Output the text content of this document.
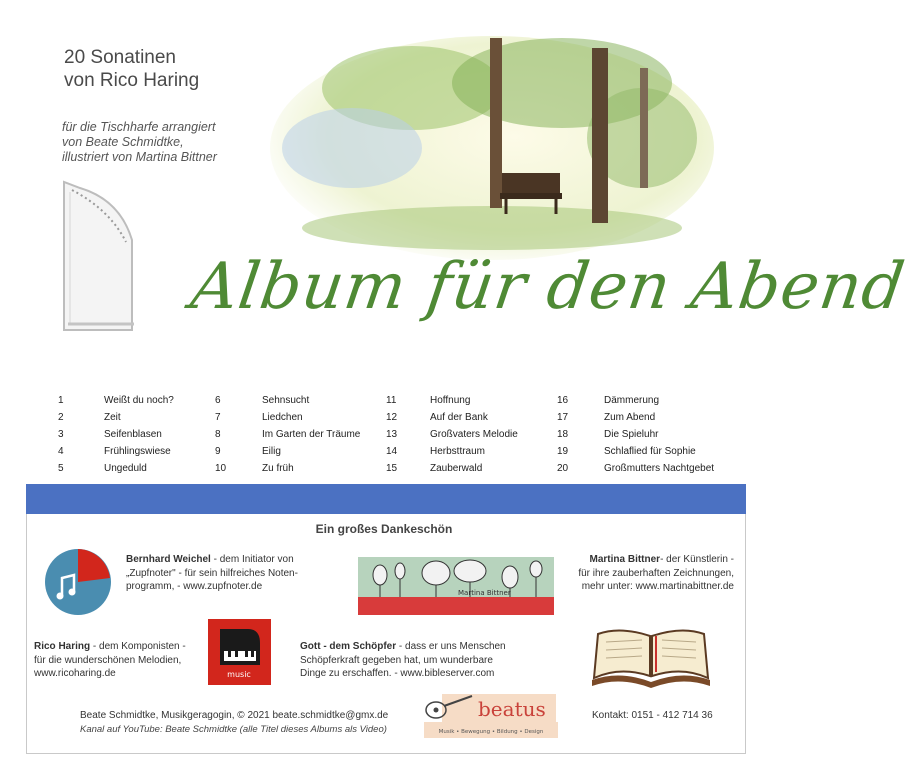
20 Sonatinen
von Rico Haring
für die Tischharfe arrangiert
von Beate Schmidtke,
illustriert von Martina Bittner
Album für den Abend
1	Weißt du noch?
2	Zeit
3	Seifenblasen
4	Frühlingswiese
5	Ungeduld
6	Sehnsucht
7	Liedchen
8	Im Garten der Träume
9	Eilig
10	Zu früh
11	Hoffnung
12	Auf der Bank
13	Großvaters Melodie
14	Herbsttraum
15	Zauberwald
16	Dämmerung
17	Zum Abend
18	Die Spieluhr
19	Schlaflied für Sophie
20	Großmutters Nachtgebet
Ein großes Dankeschön
Bernhard Weichel - dem Initiator von
„Zupfnoter" - für sein hilfreiches Noten-
programm, - www.zupfnoter.de
Martina Bittner
Martina Bittner- der Künstlerin -
für ihre zauberhaften Zeichnungen,
mehr unter: www.martinabittner.de
Rico Haring - dem Komponisten -
für die wunderschönen Melodien,
www.ricoharing.de	music
Gott - dem Schöpfer - dass er uns Menschen
Schöpferkraft gegeben hat, um wunderbare
Dinge zu erschaffen. - www.bibleserver.com
Beate Schmidtke, Musikgeragogin, © 2021 beate.schmidtke@gmx.de
Kanal auf YouTube: Beate Schmidtke (alle Titel dieses Albums als Video)
beatus
Musik • Bewegung • Bildung • Design
Kontakt: 0151 - 412 714 36
